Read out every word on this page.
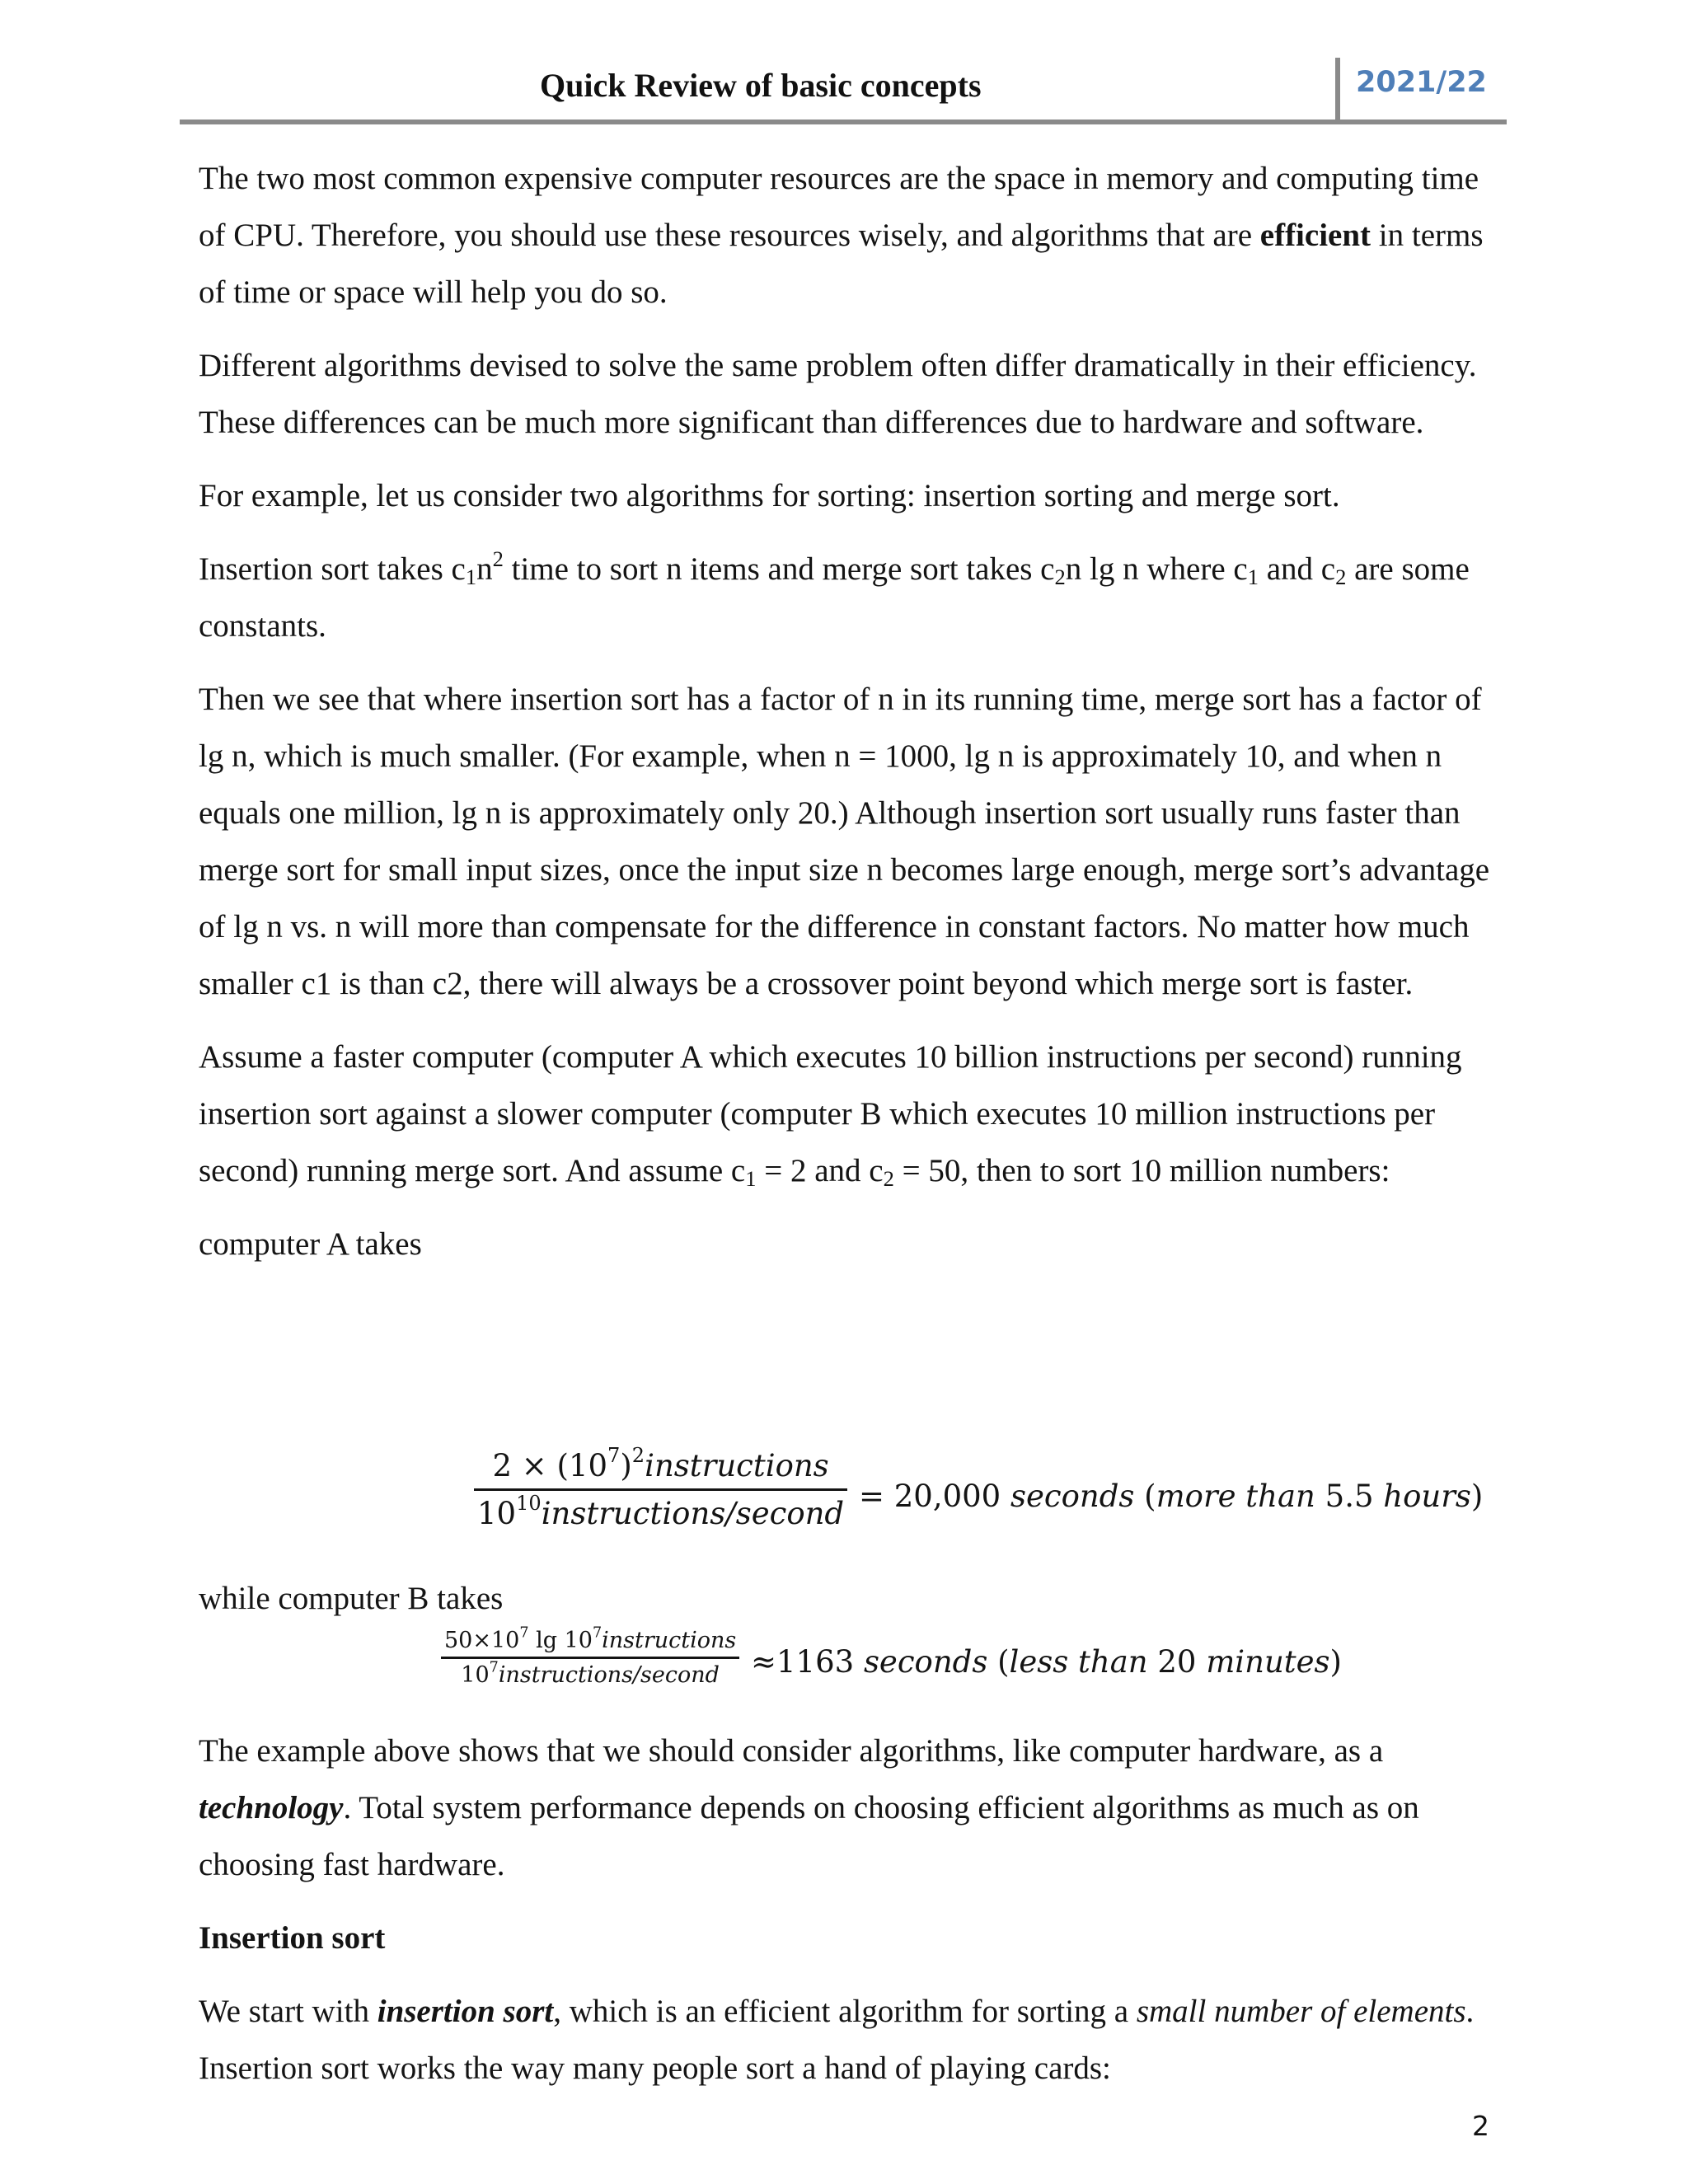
Quick Review of basic concepts	2021/22

The two most common expensive computer resources are the space in memory and computing time of CPU. Therefore, you should use these resources wisely, and algorithms that are efficient in terms of time or space will help you do so.

Different algorithms devised to solve the same problem often differ dramatically in their efficiency. These differences can be much more significant than differences due to hardware and software.

For example, let us consider two algorithms for sorting: insertion sorting and merge sort.

Insertion sort takes $c_1n^2$ time to sort n items and merge sort takes $c_2n$ lg n where $c_1$ and $c_2$ are some constants.

Then we see that where insertion sort has a factor of n in its running time, merge sort has a factor of lg n, which is much smaller. (For example, when n = 1000, lg n is approximately 10, and when n equals one million, lg n is approximately only 20.) Although insertion sort usually runs faster than merge sort for small input sizes, once the input size n becomes large enough, merge sort’s advantage of lg n vs. n will more than compensate for the difference in constant factors. No matter how much smaller c1 is than c2, there will always be a crossover point beyond which merge sort is faster.

Assume a faster computer (computer A which executes 10 billion instructions per second) running insertion sort against a slower computer (computer B which executes 10 million instructions per second) running merge sort. And assume $c_1 = 2$ and $c_2 = 50$, then to sort 10 million numbers:

computer A takes

$\frac{2 \times (10^7)^2instructions}{10^{10}instructions/second} = 20,000$ seconds (more than 5.5 hours)

while computer B takes

$\frac{50\times 10^7 \lg 10^7instructions}{10^7instructions/second} \approx 1163$ seconds (less than 20 minutes)

The example above shows that we should consider algorithms, like computer hardware, as a technology. Total system performance depends on choosing efficient algorithms as much as on choosing fast hardware.

Insertion sort

We start with insertion sort, which is an efficient algorithm for sorting a small number of elements. Insertion sort works the way many people sort a hand of playing cards:

2
